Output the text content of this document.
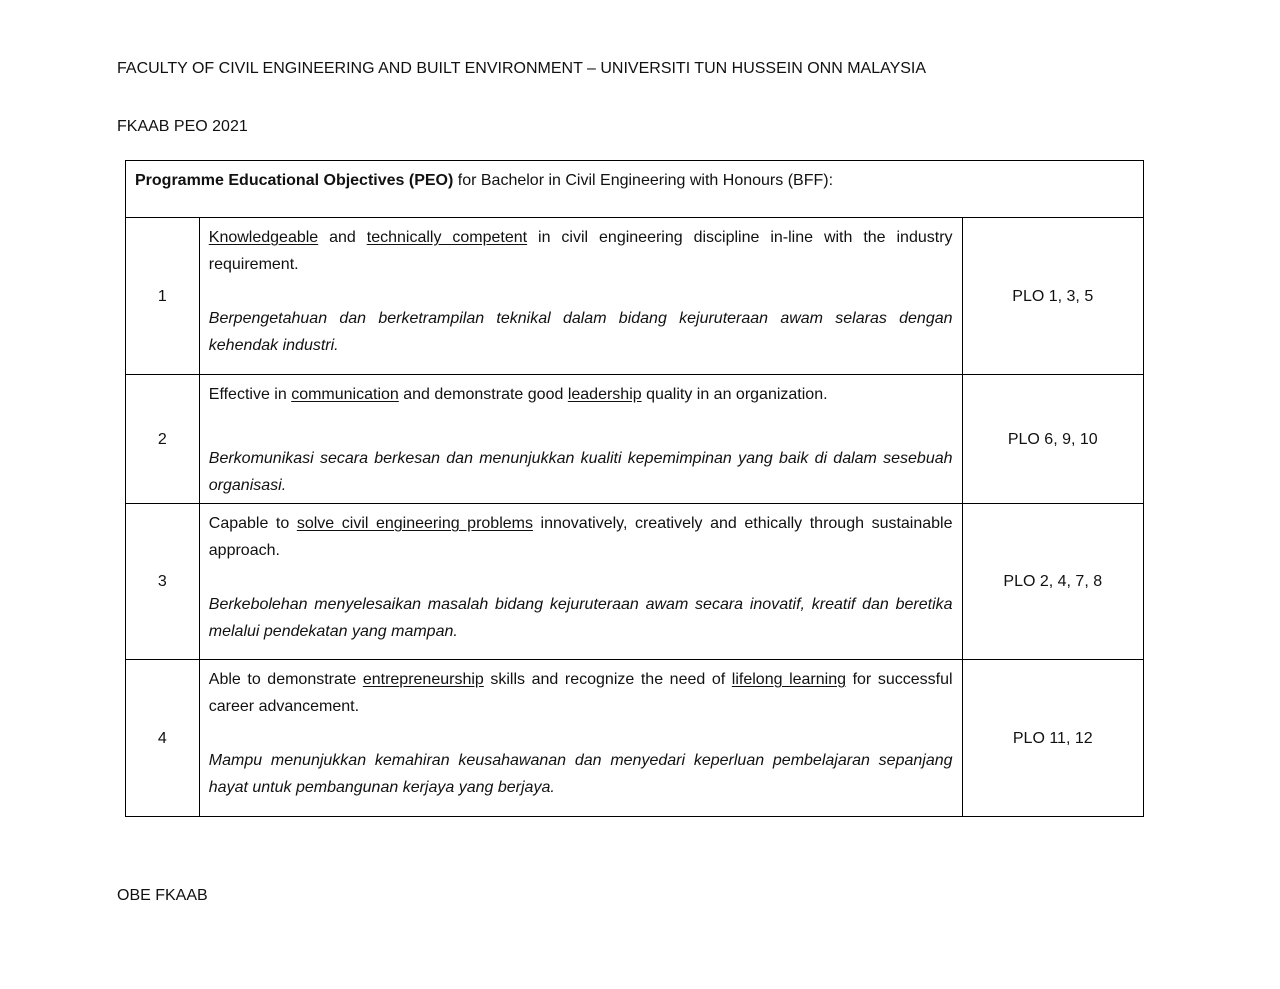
FACULTY OF CIVIL ENGINEERING AND BUILT ENVIRONMENT – UNIVERSITI TUN HUSSEIN ONN MALAYSIA
FKAAB PEO 2021
Programme Educational Objectives (PEO) for Bachelor in Civil Engineering with Honours (BFF):		
1	Knowledgeable and technically competent in civil engineering discipline in-line with the industry requirement.
Berpengetahuan dan berketrampilan teknikal dalam bidang kejuruteraan awam selaras dengan kehendak industri.	PLO 1, 3, 5
2	Effective in communication and demonstrate good leadership quality in an organization.
Berkomunikasi secara berkesan dan menunjukkan kualiti kepemimpinan yang baik di dalam sesebuah organisasi.	PLO 6, 9, 10
3	Capable to solve civil engineering problems innovatively, creatively and ethically through sustainable approach.
Berkebolehan menyelesaikan masalah bidang kejuruteraan awam secara inovatif, kreatif dan beretika melalui pendekatan yang mampan.	PLO 2, 4, 7, 8
4	Able to demonstrate entrepreneurship skills and recognize the need of lifelong learning for successful career advancement.
Mampu menunjukkan kemahiran keusahawanan dan menyedari keperluan pembelajaran sepanjang hayat untuk pembangunan kerjaya yang berjaya.	PLO 11, 12
OBE FKAAB
